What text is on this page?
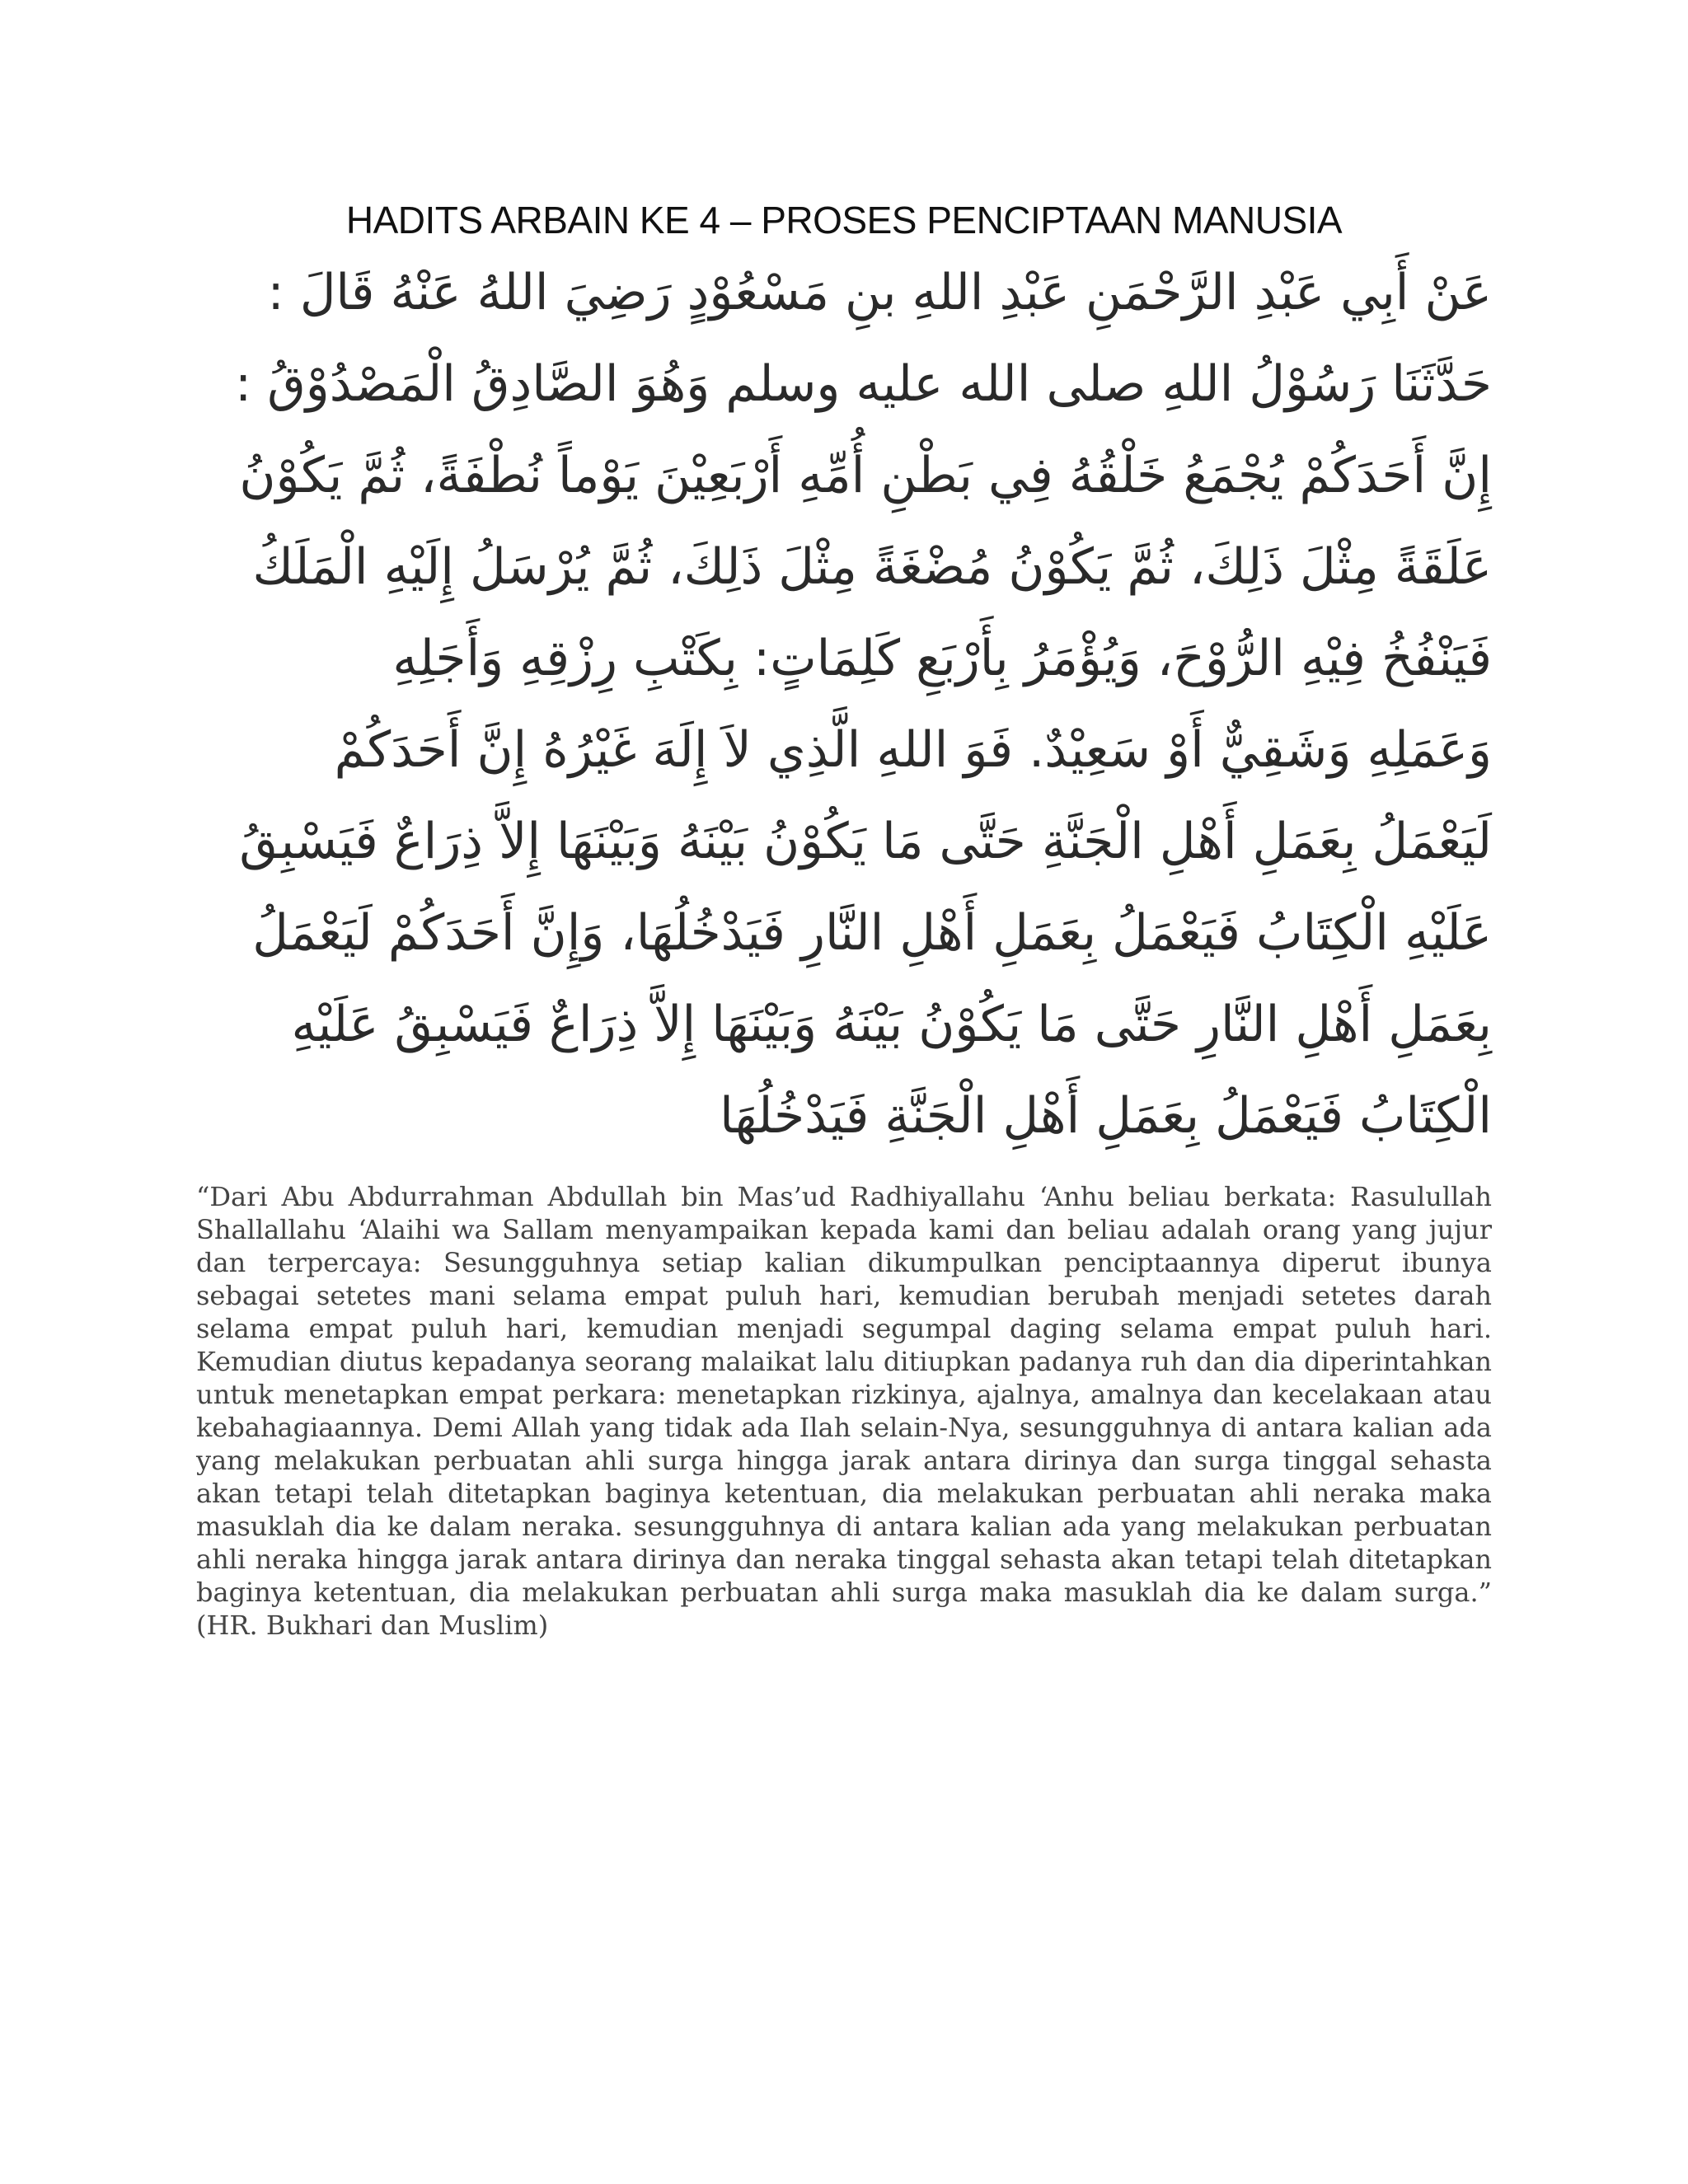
HADITS ARBAIN KE 4 – PROSES PENCIPTAAN MANUSIA
عَنْ أَبِي عَبْدِ الرَّحْمَنِ عَبْدِ اللهِ بنِ مَسْعُوْدٍ رَضِيَ اللهُ عَنْهُ قَالَ :
حَدَّثَنَا رَسُوْلُ اللهِ صلى الله عليه وسلم وَهُوَ الصَّادِقُ الْمَصْدُوْقُ :
إِنَّ أَحَدَكُمْ يُجْمَعُ خَلْقُهُ فِي بَطْنِ أُمِّهِ أَرْبَعِيْنَ يَوْماً نُطْفَةً، ثُمَّ يَكُوْنُ
عَلَقَةً مِثْلَ ذَلِكَ، ثُمَّ يَكُوْنُ مُضْغَةً مِثْلَ ذَلِكَ، ثُمَّ يُرْسَلُ إِلَيْهِ الْمَلَكُ
فَيَنْفُخُ فِيْهِ الرُّوْحَ، وَيُؤْمَرُ بِأَرْبَعِ كَلِمَاتٍ: بِكَتْبِ رِزْقِهِ وَأَجَلِهِ
وَعَمَلِهِ وَشَقِيٌّ أَوْ سَعِيْدٌ. فَوَ اللهِ الَّذِي لاَ إِلَهَ غَيْرُهُ إِنَّ أَحَدَكُمْ
لَيَعْمَلُ بِعَمَلِ أَهْلِ الْجَنَّةِ حَتَّى مَا يَكُوْنُ بَيْنَهُ وَبَيْنَهَا إِلاَّ ذِرَاعٌ فَيَسْبِقُ
عَلَيْهِ الْكِتَابُ فَيَعْمَلُ بِعَمَلِ أَهْلِ النَّارِ فَيَدْخُلُهَا، وَإِنَّ أَحَدَكُمْ لَيَعْمَلُ
بِعَمَلِ أَهْلِ النَّارِ حَتَّى مَا يَكُوْنُ بَيْنَهُ وَبَيْنَهَا إِلاَّ ذِرَاعٌ فَيَسْبِقُ عَلَيْهِ
الْكِتَابُ فَيَعْمَلُ بِعَمَلِ أَهْلِ الْجَنَّةِ فَيَدْخُلُهَا

“Dari Abu Abdurrahman Abdullah bin Mas’ud Radhiyallahu ‘Anhu beliau berkata: Rasulullah Shallallahu ‘Alaihi wa Sallam menyampaikan kepada kami dan beliau adalah orang yang jujur dan terpercaya: Sesungguhnya setiap kalian dikumpulkan penciptaannya diperut ibunya sebagai setetes mani selama empat puluh hari, kemudian berubah menjadi setetes darah selama empat puluh hari, kemudian menjadi segumpal daging selama empat puluh hari. Kemudian diutus kepadanya seorang malaikat lalu ditiupkan padanya ruh dan dia diperintahkan untuk menetapkan empat perkara: menetapkan rizkinya, ajalnya, amalnya dan kecelakaan atau kebahagiaannya. Demi Allah yang tidak ada Ilah selain-Nya, sesungguhnya di antara kalian ada yang melakukan perbuatan ahli surga hingga jarak antara dirinya dan surga tinggal sehasta akan tetapi telah ditetapkan baginya ketentuan, dia melakukan perbuatan ahli neraka maka masuklah dia ke dalam neraka. sesungguhnya di antara kalian ada yang melakukan perbuatan ahli neraka hingga jarak antara dirinya dan neraka tinggal sehasta akan tetapi telah ditetapkan baginya ketentuan, dia melakukan perbuatan ahli surga maka masuklah dia ke dalam surga.” (HR. Bukhari dan Muslim)
